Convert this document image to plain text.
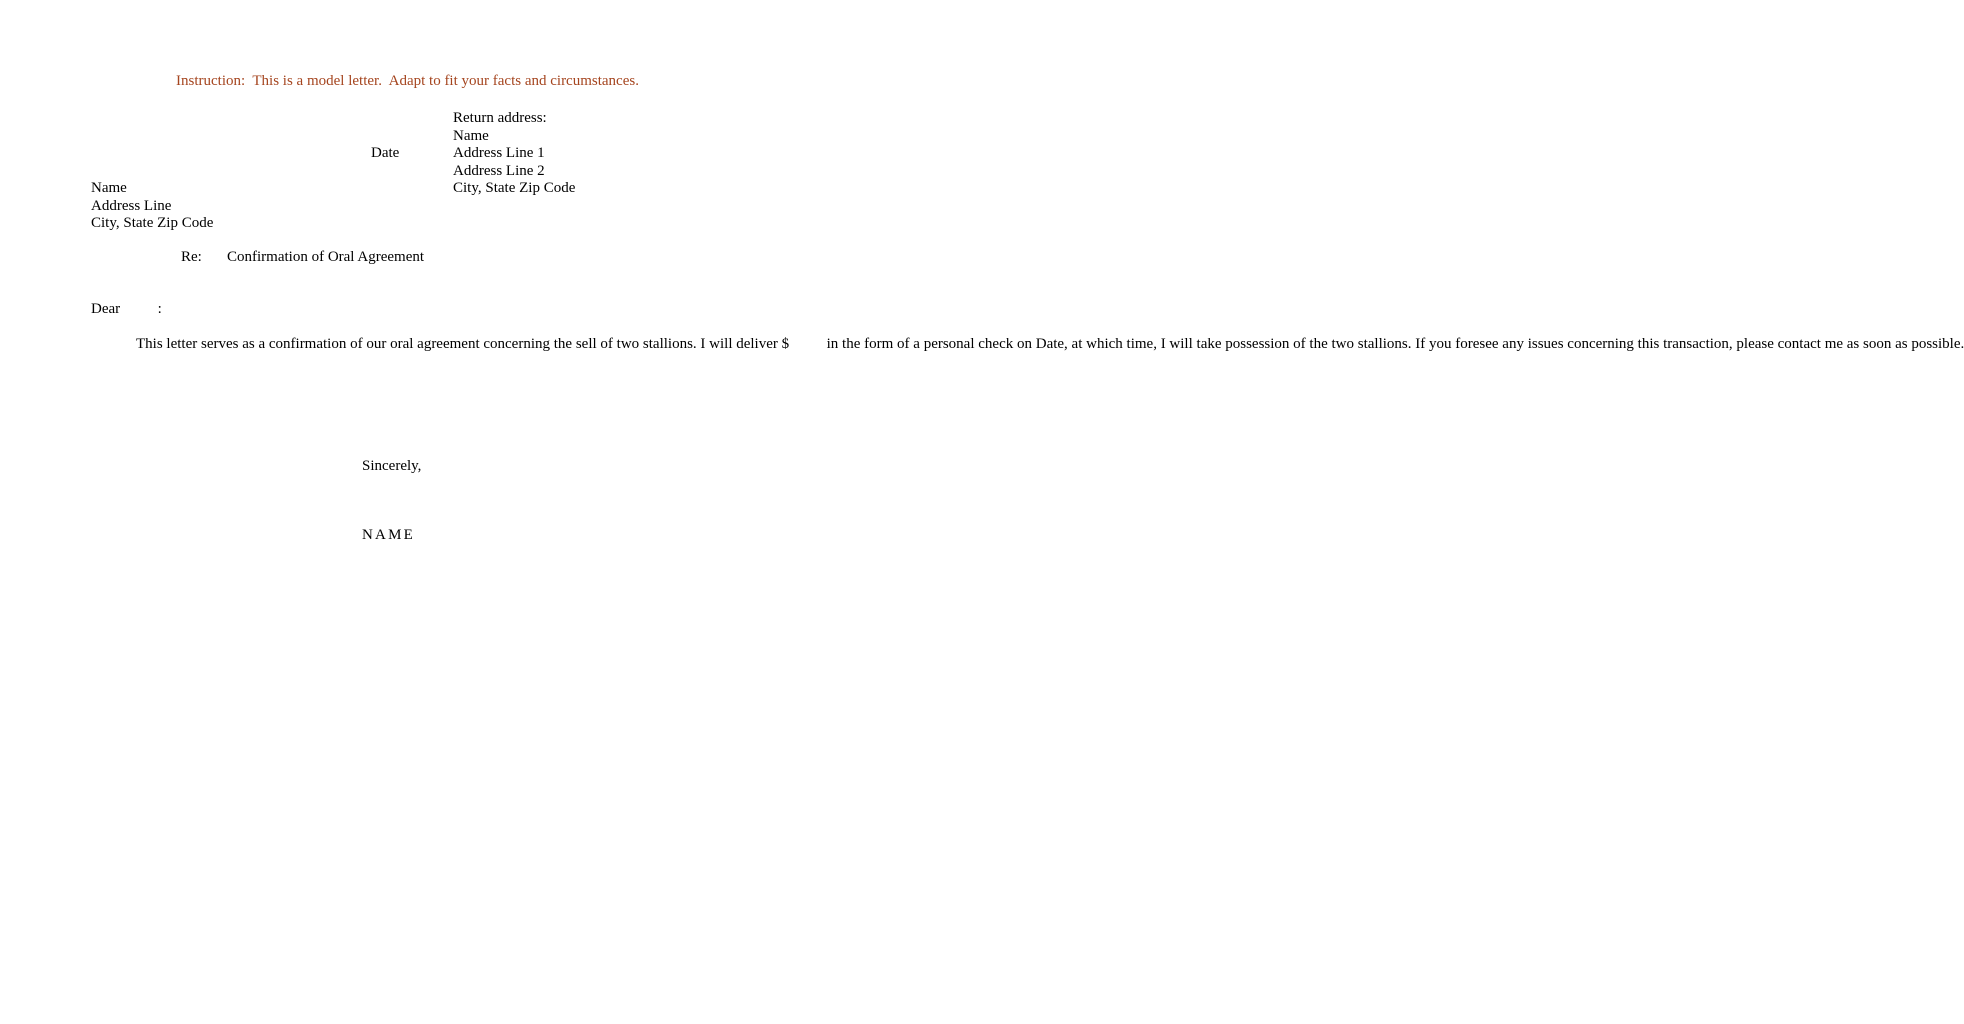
Instruction:  This is a model letter.  Adapt to fit your facts and circumstances.
Return address:
Name
Address Line 1
Address Line 2
City, State Zip Code
Date
Name
Address Line
City, State Zip Code
Re: Confirmation of Oral Agreement
Dear          :
This letter serves as a confirmation of our oral agreement concerning the sell of two stallions. I will deliver $          in the form of a personal check on Date, at which time, I will take possession of the two stallions. If you foresee any issues concerning this transaction, please contact me as soon as possible.
Sincerely,
NAME
